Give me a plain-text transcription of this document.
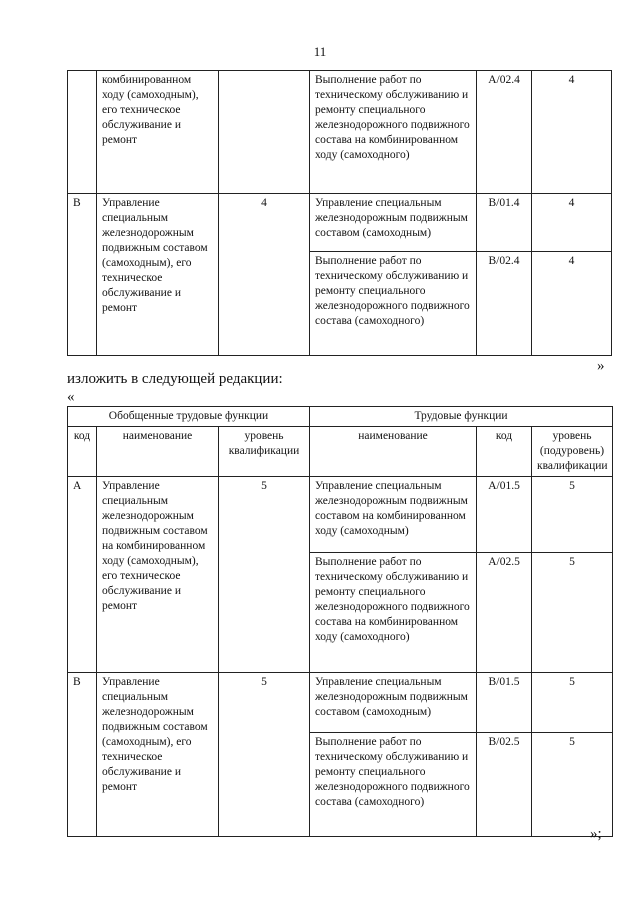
11
	комбинированном ходу (самоходным), его техническое обслуживание и ремонт		Выполнение работ по техническому обслуживанию и ремонту специального железнодорожного подвижного состава на комбинированном ходу (самоходного)	A/02.4	4
B	Управление специальным железнодорожным подвижным составом (самоходным), его техническое обслуживание и ремонт	4	Управление специальным железнодорожным подвижным составом (самоходным)	B/01.4	4
			Выполнение работ по техническому обслуживанию и ремонту специального железнодорожного подвижного состава (самоходного)	B/02.4	4
»
изложить в следующей редакции:
«
Обобщенные трудовые функции			Трудовые функции		
код	наименование	уровень квалификации	наименование	код	уровень (подуровень) квалификации
A	Управление специальным железнодорожным подвижным составом на комбинированном ходу (самоходным), его техническое обслуживание и ремонт	5	Управление специальным железнодорожным подвижным составом на комбинированном ходу (самоходным)	A/01.5	5
			Выполнение работ по техническому обслуживанию и ремонту специального железнодорожного подвижного состава на комбинированном ходу (самоходного)	A/02.5	5
B	Управление специальным железнодорожным подвижным составом (самоходным), его техническое обслуживание и ремонт	5	Управление специальным железнодорожным подвижным составом (самоходным)	B/01.5	5
			Выполнение работ по техническому обслуживанию и ремонту специального железнодорожного подвижного состава (самоходного)	B/02.5	5
»;
